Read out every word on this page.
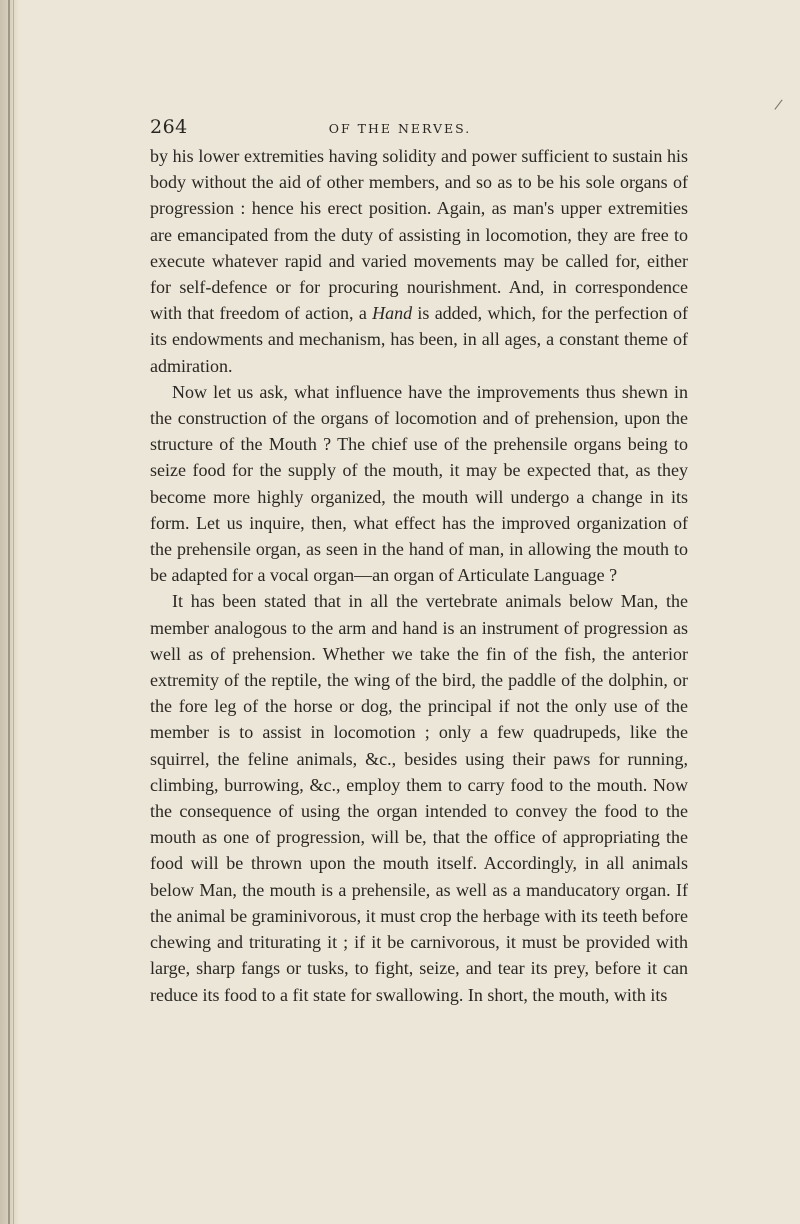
/
264	OF THE NERVES.

by his lower extremities having solidity and power sufficient to sustain his body without the aid of other members, and so as to be his sole organs of progression : hence his erect position. Again, as man's upper extremities are emancipated from the duty of assisting in locomotion, they are free to execute whatever rapid and varied movements may be called for, either for self-defence or for procuring nourishment. And, in correspondence with that freedom of action, a Hand is added, which, for the perfection of its endowments and mechanism, has been, in all ages, a constant theme of admiration.

Now let us ask, what influence have the improvements thus shewn in the construction of the organs of locomotion and of prehension, upon the structure of the Mouth ? The chief use of the prehensile organs being to seize food for the supply of the mouth, it may be expected that, as they become more highly organized, the mouth will undergo a change in its form. Let us inquire, then, what effect has the improved organization of the prehensile organ, as seen in the hand of man, in allowing the mouth to be adapted for a vocal organ—an organ of Articulate Language ?

It has been stated that in all the vertebrate animals below Man, the member analogous to the arm and hand is an instrument of progression as well as of prehension. Whether we take the fin of the fish, the anterior extremity of the reptile, the wing of the bird, the paddle of the dolphin, or the fore leg of the horse or dog, the principal if not the only use of the member is to assist in locomotion ; only a few quadrupeds, like the squirrel, the feline animals, &c., besides using their paws for running, climbing, burrowing, &c., employ them to carry food to the mouth. Now the consequence of using the organ intended to convey the food to the mouth as one of progression, will be, that the office of appropriating the food will be thrown upon the mouth itself. Accordingly, in all animals below Man, the mouth is a prehensile, as well as a manducatory organ. If the animal be graminivorous, it must crop the herbage with its teeth before chewing and triturating it ; if it be carnivorous, it must be provided with large, sharp fangs or tusks, to fight, seize, and tear its prey, before it can reduce its food to a fit state for swallowing. In short, the mouth, with its
